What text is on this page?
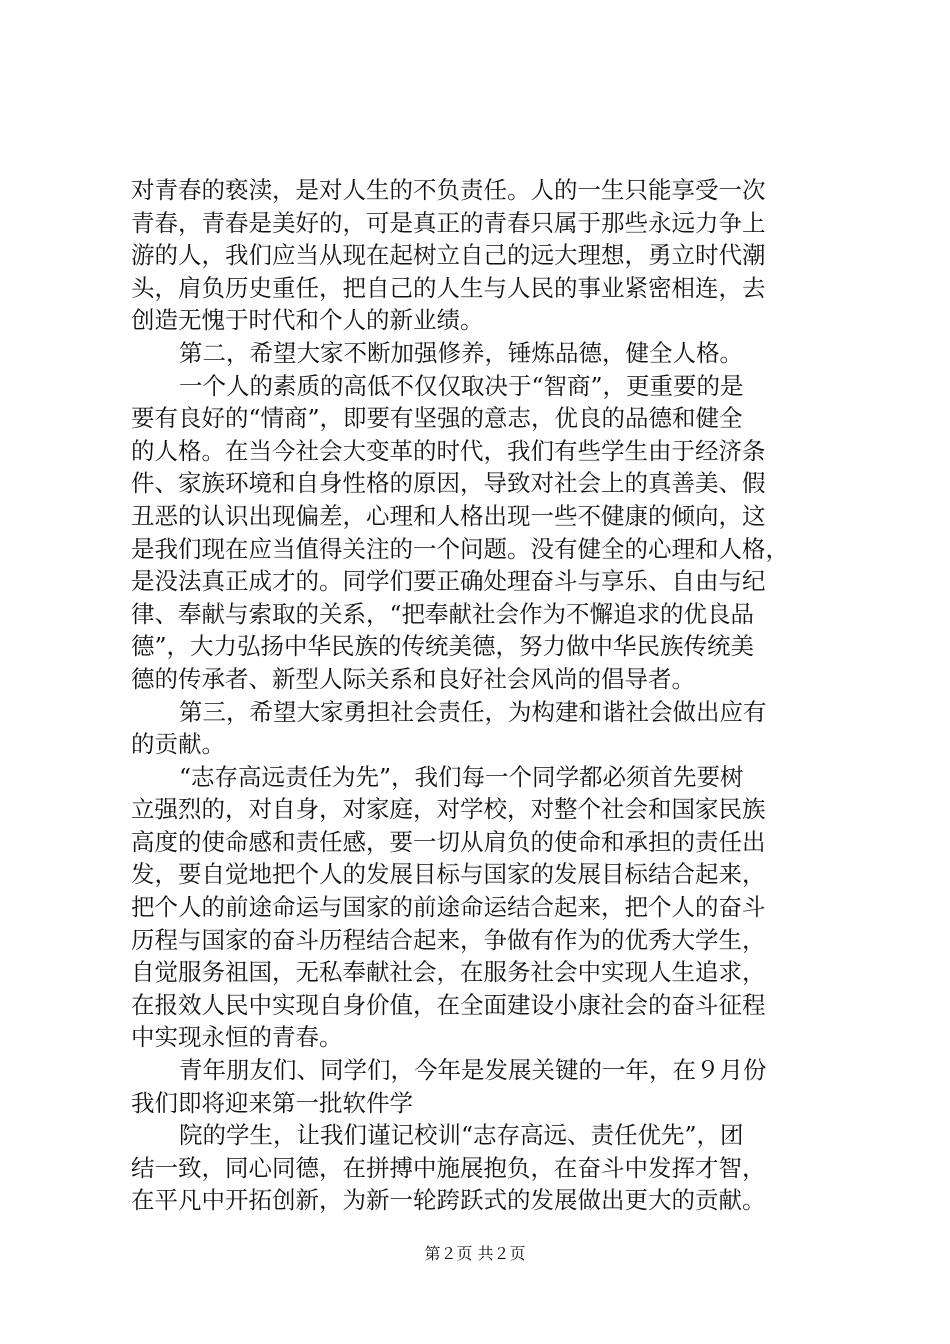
对青春的亵渎，是对人生的不负责任。人的一生只能享受一次
青春，青春是美好的，可是真正的青春只属于那些永远力争上
游的人，我们应当从现在起树立自己的远大理想，勇立时代潮
头，肩负历史重任，把自己的人生与人民的事业紧密相连，去
创造无愧于时代和个人的新业绩。
第二，希望大家不断加强修养，锤炼品德，健全人格。
一个人的素质的高低不仅仅取决于“智商”，更重要的是
要有良好的“情商”，即要有坚强的意志，优良的品德和健全
的人格。在当今社会大变革的时代，我们有些学生由于经济条
件、家族环境和自身性格的原因，导致对社会上的真善美、假
丑恶的认识出现偏差，心理和人格出现一些不健康的倾向，这
是我们现在应当值得关注的一个问题。没有健全的心理和人格，
是没法真正成才的。同学们要正确处理奋斗与享乐、自由与纪
律、奉献与索取的关系，“把奉献社会作为不懈追求的优良品
德”，大力弘扬中华民族的传统美德，努力做中华民族传统美
德的传承者、新型人际关系和良好社会风尚的倡导者。
第三，希望大家勇担社会责任，为构建和谐社会做出应有
的贡献。
“志存高远责任为先”，我们每一个同学都必须首先要树
立强烈的，对自身，对家庭，对学校，对整个社会和国家民族
高度的使命感和责任感，要一切从肩负的使命和承担的责任出
发，要自觉地把个人的发展目标与国家的发展目标结合起来，
把个人的前途命运与国家的前途命运结合起来，把个人的奋斗
历程与国家的奋斗历程结合起来，争做有作为的优秀大学生，
自觉服务祖国，无私奉献社会，在服务社会中实现人生追求，
在报效人民中实现自身价值，在全面建设小康社会的奋斗征程
中实现永恒的青春。
青年朋友们、同学们，今年是发展关键的一年，在９月份
我们即将迎来第一批软件学
院的学生，让我们谨记校训“志存高远、责任优先”，团
结一致，同心同德，在拼搏中施展抱负，在奋斗中发挥才智，
在平凡中开拓创新，为新一轮跨跃式的发展做出更大的贡献。
第２页 共２页
